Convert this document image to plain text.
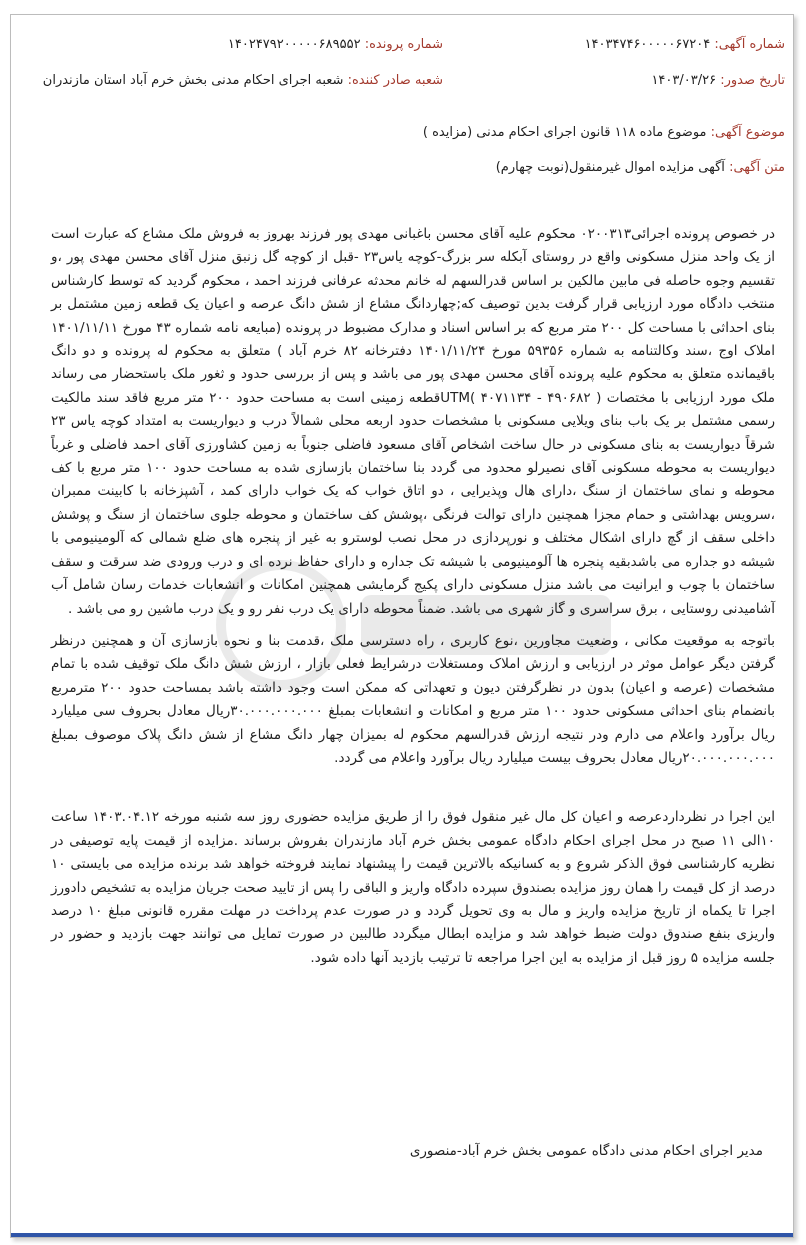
شماره آگهی: ۱۴۰۳۴۷۴۶۰۰۰۰۰۶۷۲۰۴
شماره پرونده: ۱۴۰۲۴۷۹۲۰۰۰۰۰۶۸۹۵۵۲
تاریخ صدور: ۱۴۰۳/۰۳/۲۶
شعبه صادر کننده: شعبه اجرای احکام مدنی بخش خرم آباد استان مازندران
موضوع آگهی: موضوع ماده ۱۱۸ قانون اجرای احکام مدنی (مزایده )
متن آگهی: آگهی مزایده اموال غیرمنقول(نوبت چهارم)

در خصوص پرونده اجرائی۰۲۰۰۳۱۳ محکوم علیه آقای محسن باغبانی مهدی پور فرزند بهروز به فروش ملک مشاع که عبارت است از یک واحد منزل مسکونی واقع در روستای آبکله سر بزرگ-کوچه یاس۲۳ -قبل از کوچه گل زنبق منزل آقای محسن مهدی پور ،و تقسیم وجوه حاصله فی مابین مالکین بر اساس قدرالسهم له خانم محدثه عرفانی فرزند احمد ، محکوم گردید که توسط کارشناس منتخب دادگاه مورد ارزیابی قرار گرفت بدین توصیف که;چهاردانگ مشاع از شش دانگ عرصه و اعیان یک قطعه زمین مشتمل بر بنای احداثی با مساحت کل ۲۰۰ متر مربع که بر اساس اسناد و مدارک مضبوط در پرونده (مبایعه نامه شماره ۴۳ مورخ ۱۴۰۱/۱۱/۱۱ املاک اوج ،سند وکالتنامه به شماره ۵۹۳۵۶ مورخ ۱۴۰۱/۱۱/۲۴ دفترخانه ۸۲ خرم آباد ) متعلق به محکوم له پرونده و دو دانگ باقیمانده متعلق به محکوم علیه پرونده آقای محسن مهدی پور می باشد و پس از بررسی حدود و ثغور ملک باستحضار می رساند ملک مورد ارزیابی با مختصات ( ۴۹۰۶۸۲ - ۴۰۷۱۱۳۴ )UTMقطعه زمینی است به مساحت حدود ۲۰۰ متر مربع فاقد سند مالکیت رسمی مشتمل بر یک باب بنای ویلایی مسکونی با مشخصات حدود اربعه محلی شمالاً درب و دیواریست به امتداد کوچه یاس ۲۳ شرقاً دیواریست به بنای مسکونی در حال ساخت اشخاص آقای مسعود فاضلی جنوباً به زمین کشاورزی آقای احمد فاضلی و غرباً دیواریست به محوطه مسکونی آقای نصیرلو محدود می گردد بنا ساختمان بازسازی شده به مساحت حدود ۱۰۰ متر مربع با کف محوطه و نمای ساختمان از سنگ ،دارای هال وپذیرایی ، دو اتاق خواب که یک خواب دارای کمد ، آشپزخانه با کابینت ممبران ،سرویس بهداشتی و حمام مجزا همچنین دارای توالت فرنگی ،پوشش کف ساختمان و محوطه جلوی ساختمان از سنگ و پوشش داخلی سقف از گچ دارای اشکال مختلف و نورپردازی در محل نصب لوسترو به غیر از پنجره های ضلع شمالی که آلومینیومی با شیشه دو جداره می باشدبقیه پنجره ها آلومینیومی با شیشه تک جداره و دارای حفاظ نرده ای و درب ورودی ضد سرقت و سقف ساختمان با چوب و ایرانیت می باشد منزل مسکونی دارای پکیج گرمایشی همچنین امکانات و انشعابات خدمات رسان شامل آب آشامیدنی روستایی ، برق سراسری و گاز شهری می باشد. ضمناً محوطه دارای یک درب نفر رو و یک درب ماشین رو می باشد .

باتوجه به موقعیت مکانی ، وضعیت مجاورین ،نوع کاربری ، راه دسترسی ملک ،قدمت بنا و نحوه بازسازی آن و همچنین درنظر گرفتن دیگر عوامل موثر در ارزیابی و ارزش املاک ومستغلات درشرایط فعلی بازار ، ارزش شش دانگ ملک توقیف شده با تمام مشخصات (عرصه و اعیان) بدون در نظرگرفتن دیون و تعهداتی که ممکن است وجود داشته باشد بمساحت حدود ۲۰۰ مترمربع بانضمام بنای احداثی مسکونی حدود ۱۰۰ متر مربع و امکانات و انشعابات بمبلغ ۳۰.۰۰۰.۰۰۰.۰۰۰ریال معادل بحروف سی میلیارد ریال برآورد واعلام می دارم ودر نتیجه ارزش قدرالسهم محکوم له بمیزان چهار دانگ مشاع از شش دانگ پلاک موصوف بمبلغ ۲۰.۰۰۰.۰۰۰.۰۰۰ریال معادل بحروف بیست میلیارد ریال برآورد واعلام می گردد.

این اجرا در نظرداردعرصه و اعیان کل مال غیر منقول فوق را از طریق مزایده حضوری روز سه شنبه مورخه ۱۴۰۳.۰۴.۱۲ ساعت ۱۰الی ۱۱ صبح در محل اجرای احکام دادگاه عمومی بخش خرم آباد مازندران بفروش برساند .مزایده از قیمت پایه توصیفی در نظریه کارشناسی فوق الذکر شروع و به کسانیکه بالاترین قیمت را پیشنهاد نمایند فروخته خواهد شد برنده مزایده می بایستی ۱۰ درصد از کل قیمت را همان روز مزایده بصندوق سپرده دادگاه واریز و الباقی را پس از تایید صحت جریان مزایده به تشخیص دادورز اجرا تا یکماه از تاریخ مزایده واریز و مال به وی تحویل گردد و در صورت عدم پرداخت در مهلت مقرره قانونی مبلغ ۱۰ درصد واریزی بنفع صندوق دولت ضبط خواهد شد و مزایده ابطال میگردد طالبین در صورت تمایل می توانند جهت بازدید و حضور در جلسه مزایده ۵ روز قبل از مزایده به این اجرا مراجعه تا ترتیب بازدید آنها داده شود.

مدیر اجرای احکام مدنی دادگاه عمومی بخش خرم آباد-منصوری
